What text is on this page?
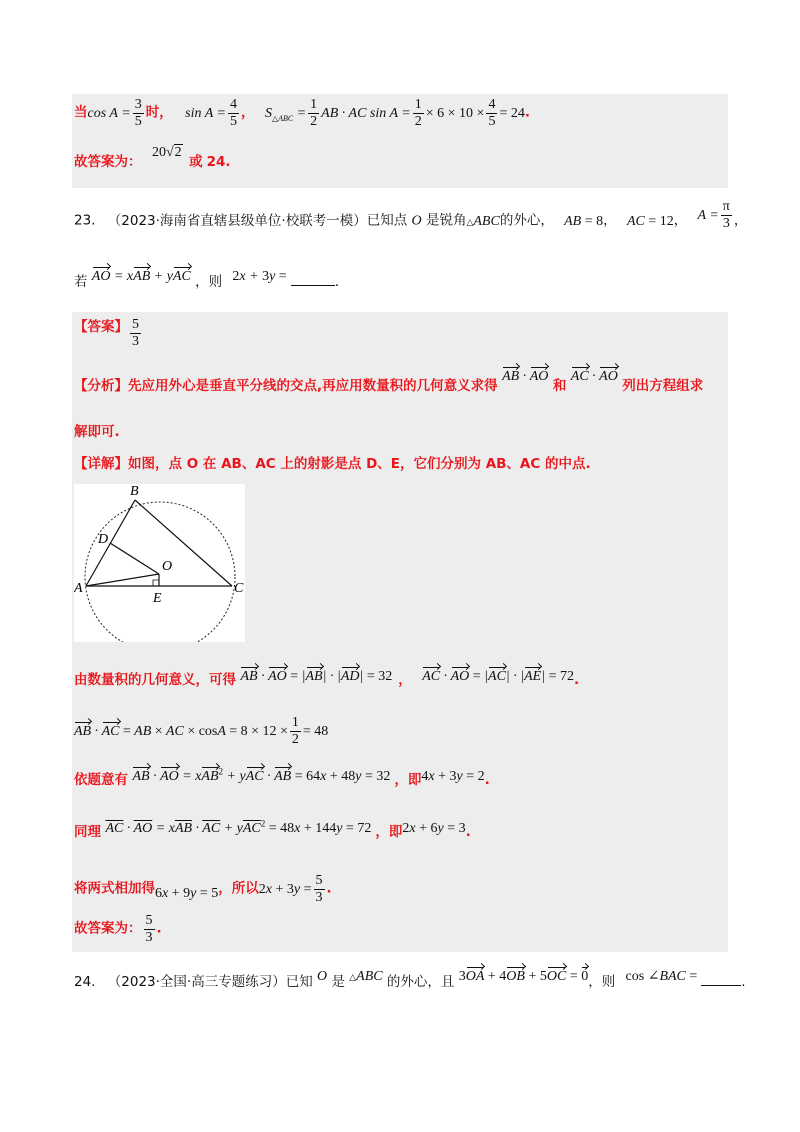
当$\cos A = \frac{3}{5}$ 时， $\sin A = \frac{4}{5}$ ， $S_{\triangle ABC} = \frac{1}{2}$ AB · AC $\sin A = \frac{1}{2} \times 6 \times 10 \times \frac{4}{5} = 24$.
故答案为： 20√2 或 24.
23. （2023·海南省直辖县级单位·校联考一模）已知点 O 是锐角△ABC的外心， AB = 8， AC = 12， $A = \frac{\pi}{3}$ ，
若 AO = xAB + yAC ，则 2x + 3y =	.
【答案】 $\frac{5}{3}$
【分析】先应用外心是垂直平分线的交点,再应用数量积的几何意义求得 AB · AO 和 AC · AO 列出方程组求
解即可.
【详解】如图，点 O 在 AB、AC 上的射影是点 D、E，它们分别为 AB、AC 的中点.
B
D
O
A
E
C
由数量积的几何意义，可得 AB · AO = |AB| · |AD| = 32 ， AC · AO = |AC| · |AE| = 72.
AB · AC = AB × AC × $\cos A = 8 \times 12 \times \frac{1}{2} = 48$
依题意有 AB · AO = xAB$^2$ + yAC · AB = 64x + 48y = 32 ，即4x + 3y = 2.
同理 $\overline{AC} \cdot \overline{AO} = x\overline{AB} \cdot \overline{AC} + y\overline{AC}^2 = 48x + 144y = 72$ ，即2x + 6y = 3.
将两式相加得6x + 9y = 5，所以$2x + 3y = \frac{5}{3}$ .
故答案为： $\frac{5}{3}$ .
24. （2023·全国·高三专题练习）已知 O 是 △ABC 的外心，且 3OA + 4OB + 5OC = 0，则 cos ∠BAC =	.
